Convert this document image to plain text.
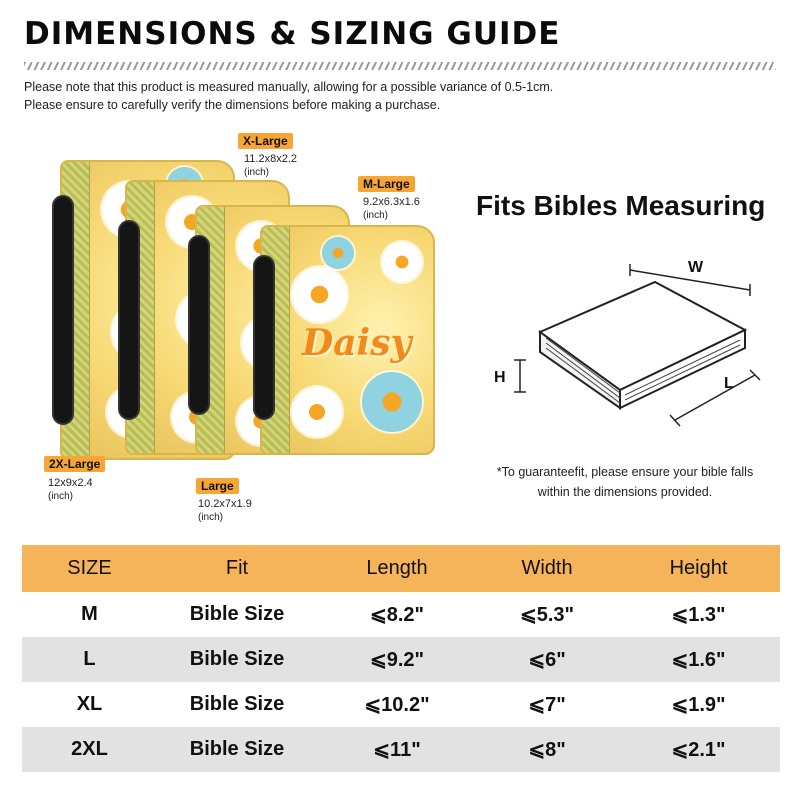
DIMENSIONS & SIZING GUIDE
Please note that this product is measured manually, allowing for a possible variance of 0.5-1cm.
Please ensure to carefully verify the dimensions before making a purchase.
Daisy
X-Large
11.2x8x2.2
(inch)
M-Large
9.2x6.3x1.6
(inch)
2X-Large
12x9x2.4
(inch)
Large
10.2x7x1.9
(inch)
Fits Bibles Measuring
W
H	L
*To guaranteefit, please ensure your bible falls
within the dimensions provided.
SIZE	Fit	Length	Width	Height
M	Bible Size	⩽8.2"	⩽5.3"	⩽1.3"
L	Bible Size	⩽9.2"	⩽6"	⩽1.6"
XL	Bible Size	⩽10.2"	⩽7"	⩽1.9"
2XL	Bible Size	⩽11"	⩽8"	⩽2.1"
